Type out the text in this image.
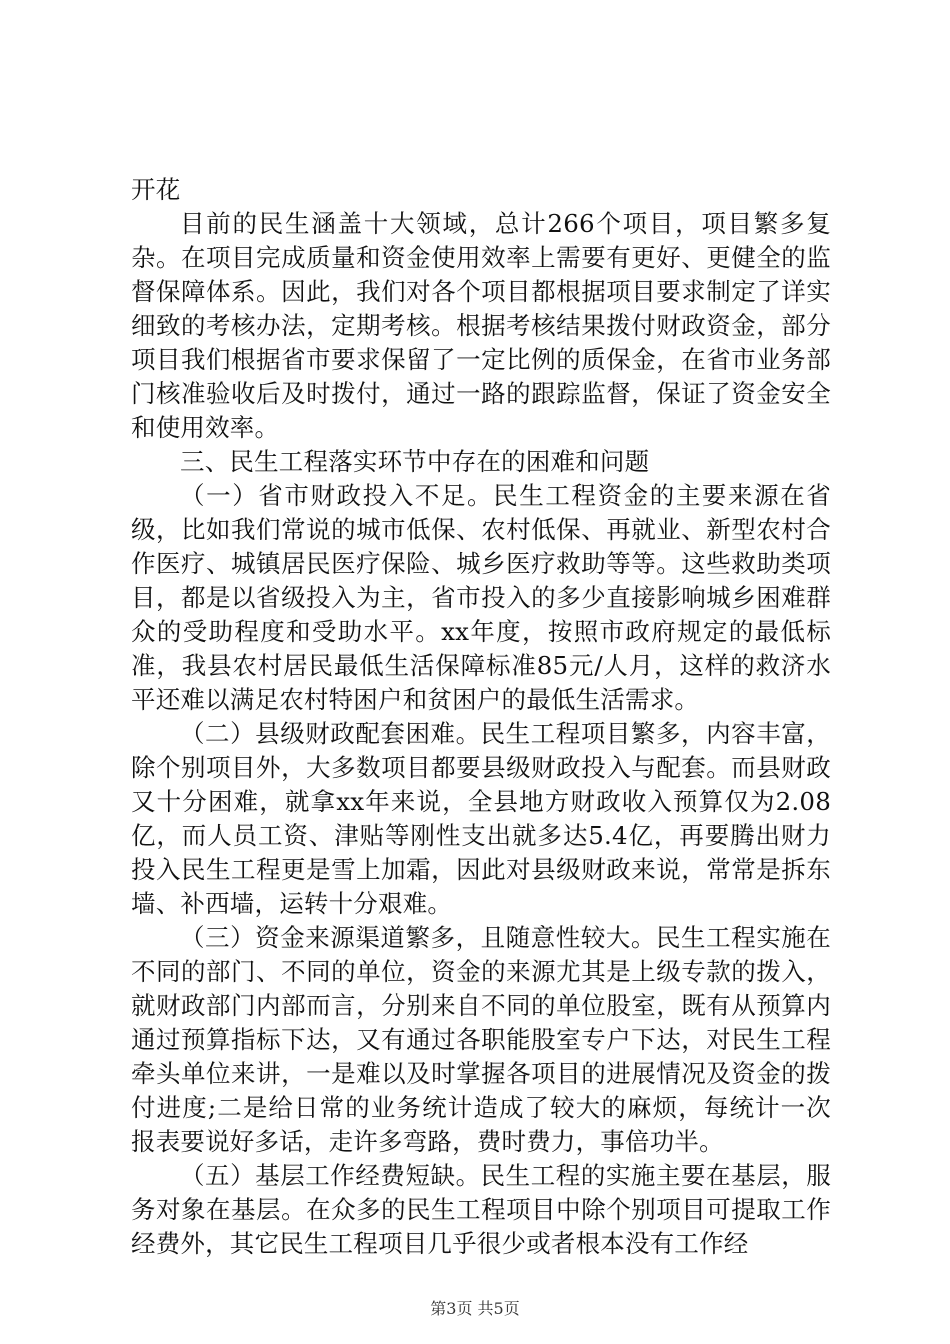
开花

目前的民生涵盖十大领域，总计266个项目，项目繁多复杂。在项目完成质量和资金使用效率上需要有更好、更健全的监督保障体系。因此，我们对各个项目都根据项目要求制定了详实细致的考核办法，定期考核。根据考核结果拨付财政资金，部分项目我们根据省市要求保留了一定比例的质保金，在省市业务部门核准验收后及时拨付，通过一路的跟踪监督，保证了资金安全和使用效率。

三、民生工程落实环节中存在的困难和问题

（一）省市财政投入不足。民生工程资金的主要来源在省级，比如我们常说的城市低保、农村低保、再就业、新型农村合作医疗、城镇居民医疗保险、城乡医疗救助等等。这些救助类项目，都是以省级投入为主，省市投入的多少直接影响城乡困难群众的受助程度和受助水平。xx年度，按照市政府规定的最低标准，我县农村居民最低生活保障标准85元/人月，这样的救济水平还难以满足农村特困户和贫困户的最低生活需求。

（二）县级财政配套困难。民生工程项目繁多，内容丰富，除个别项目外，大多数项目都要县级财政投入与配套。而县财政又十分困难，就拿xx年来说，全县地方财政收入预算仅为2.08亿，而人员工资、津贴等刚性支出就多达5.4亿，再要腾出财力投入民生工程更是雪上加霜，因此对县级财政来说，常常是拆东墙、补西墙，运转十分艰难。

（三）资金来源渠道繁多，且随意性较大。民生工程实施在不同的部门、不同的单位，资金的来源尤其是上级专款的拨入，就财政部门内部而言，分别来自不同的单位股室，既有从预算内通过预算指标下达，又有通过各职能股室专户下达，对民生工程牵头单位来讲，一是难以及时掌握各项目的进展情况及资金的拨付进度;二是给日常的业务统计造成了较大的麻烦，每统计一次报表要说好多话，走许多弯路，费时费力，事倍功半。

（五）基层工作经费短缺。民生工程的实施主要在基层，服务对象在基层。在众多的民生工程项目中除个别项目可提取工作经费外，其它民生工程项目几乎很少或者根本没有工作经

第3页 共5页
